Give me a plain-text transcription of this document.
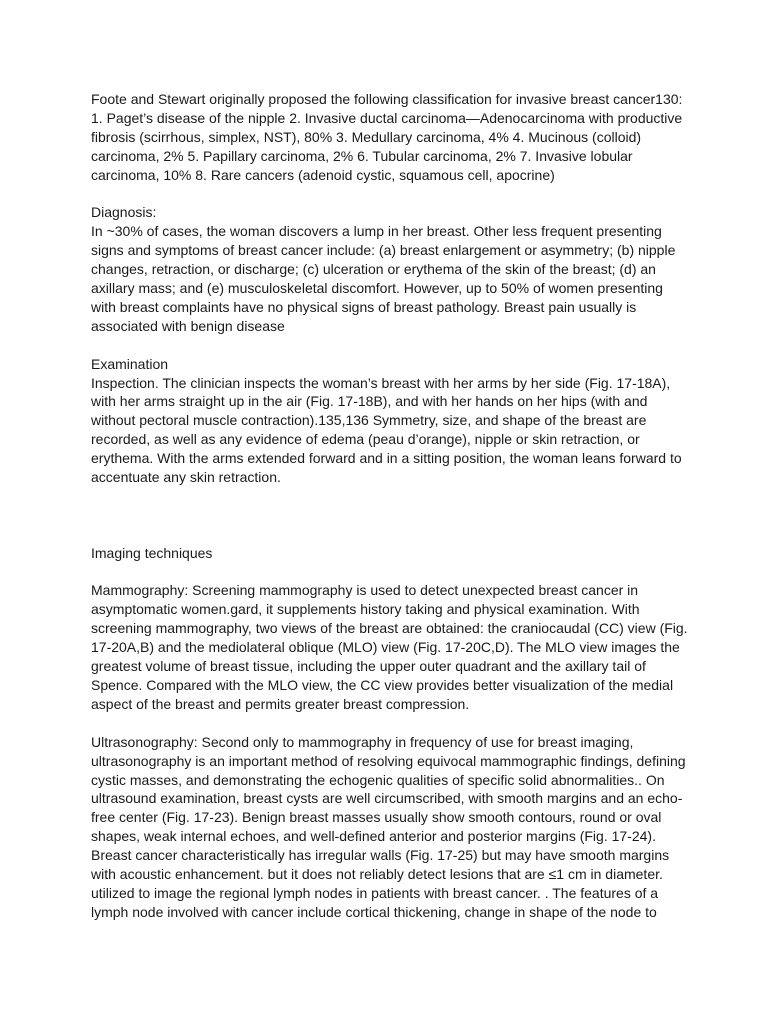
Foote and Stewart originally proposed the following classification for invasive breast cancer130: 1. Paget’s disease of the nipple 2. Invasive ductal carcinoma—Adenocarcinoma with productive fibrosis (scirrhous, simplex, NST), 80% 3. Medullary carcinoma, 4% 4. Mucinous (colloid) carcinoma, 2% 5. Papillary carcinoma, 2% 6. Tubular carcinoma, 2% 7. Invasive lobular carcinoma, 10% 8. Rare cancers (adenoid cystic, squamous cell, apocrine)

Diagnosis:

In ~30% of cases, the woman discovers a lump in her breast. Other less frequent presenting signs and symptoms of breast cancer include: (a) breast enlargement or asymmetry; (b) nipple changes, retraction, or discharge; (c) ulceration or erythema of the skin of the breast; (d) an axillary mass; and (e) musculoskeletal discomfort. However, up to 50% of women presenting with breast complaints have no physical signs of breast pathology. Breast pain usually is associated with benign disease

Examination

Inspection. The clinician inspects the woman’s breast with her arms by her side (Fig. 17-18A), with her arms straight up in the air (Fig. 17-18B), and with her hands on her hips (with and without pectoral muscle contraction).135,136 Symmetry, size, and shape of the breast are recorded, as well as any evidence of edema (peau d’orange), nipple or skin retraction, or erythema. With the arms extended forward and in a sitting position, the woman leans forward to accentuate any skin retraction.

Imaging techniques

Mammography: Screening mammography is used to detect unexpected breast cancer in asymptomatic women.gard, it supplements history taking and physical examination. With screening mammography, two views of the breast are obtained: the craniocaudal (CC) view (Fig. 17-20A,B) and the mediolateral oblique (MLO) view (Fig. 17-20C,D). The MLO view images the greatest volume of breast tissue, including the upper outer quadrant and the axillary tail of Spence. Compared with the MLO view, the CC view provides better visualization of the medial aspect of the breast and permits greater breast compression.

Ultrasonography: Second only to mammography in frequency of use for breast imaging, ultrasonography is an important method of resolving equivocal mammographic findings, defining cystic masses, and demonstrating the echogenic qualities of specific solid abnormalities.. On ultrasound examination, breast cysts are well circumscribed, with smooth margins and an echo-free center (Fig. 17-23). Benign breast masses usually show smooth contours, round or oval shapes, weak internal echoes, and well-defined anterior and posterior margins (Fig. 17-24). Breast cancer characteristically has irregular walls (Fig. 17-25) but may have smooth margins with acoustic enhancement. but it does not reliably detect lesions that are ≤1 cm in diameter. utilized to image the regional lymph nodes in patients with breast cancer. . The features of a lymph node involved with cancer include cortical thickening, change in shape of the node to
